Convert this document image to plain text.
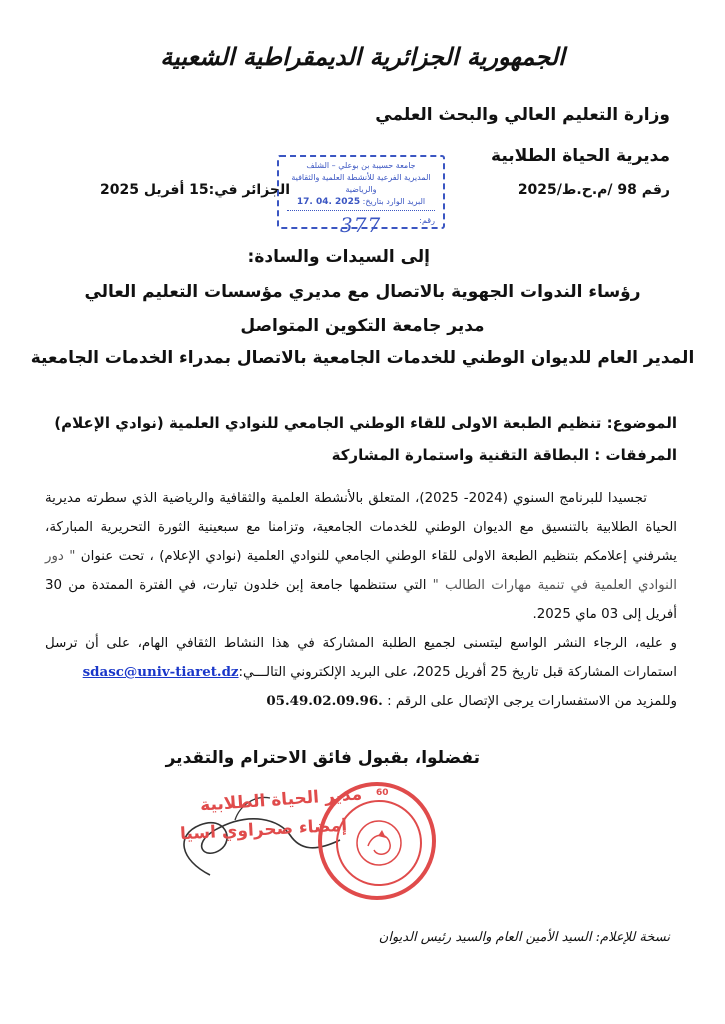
الجمهورية الجزائرية الديمقراطية الشعبية
وزارة التعليم العالي والبحث العلمي
مديرية الحياة الطلابية
رقم 98 /م.ح.ط/2025
الجزائر في:15 أفريل 2025
جامعة حسيبة بن بوعلي – الشلف
المديرية الفرعية للأنشطة العلمية والثقافية والرياضية
البريد الوارد بتاريخ: 2025 .04 .17
رقم:
377
إلى السيدات والسادة:
رؤساء الندوات الجهوية بالاتصال مع مديري مؤسسات التعليم العالي
مدير جامعة التكوين المتواصل
المدير العام للديوان الوطني للخدمات الجامعية بالاتصال بمدراء الخدمات الجامعية
الموضوع: تنظيم الطبعة الاولى للقاء الوطني الجامعي للنوادي العلمية (نوادي الإعلام)
المرفقات : البطاقة التقنية واستمارة المشاركة

تجسيدا للبرنامج السنوي (2024- 2025)، المتعلق بالأنشطة العلمية والثقافية والرياضية الذي سطرته مديرية الحياة الطلابية بالتنسيق مع الديوان الوطني للخدمات الجامعية، وتزامنا مع سبعينية الثورة التحريرية المباركة، يشرفني إعلامكم بتنظيم الطبعة الاولى للقاء الوطني الجامعي للنوادي العلمية (نوادي الإعلام) ، تحت عنوان " دور النوادي العلمية في تنمية مهارات الطالب " التي ستنظمها جامعة إبن خلدون تيارت، في الفترة الممتدة من 30 أفريل إلى 03 ماي 2025.

و عليه، الرجاء النشر الواسع ليتسنى لجميع الطلبة المشاركة في هذا النشاط الثقافي الهام، على أن ترسل استمارات المشاركة قبل تاريخ 25 أفريل 2025، على البريد الإلكتروني التالـــي:sdasc@univ-tiaret.dz

وللمزيد من الاستفسارات يرجى الإتصال على الرقم : 05.49.02.09.96.

تفضلوا، بقبول فائق الاحترام والتقدير
مدير الحياة الطلابية
إمضاء صحراوي اسيا
60
نسخة للإعلام: السيد الأمين العام والسيد رئيس الديوان
